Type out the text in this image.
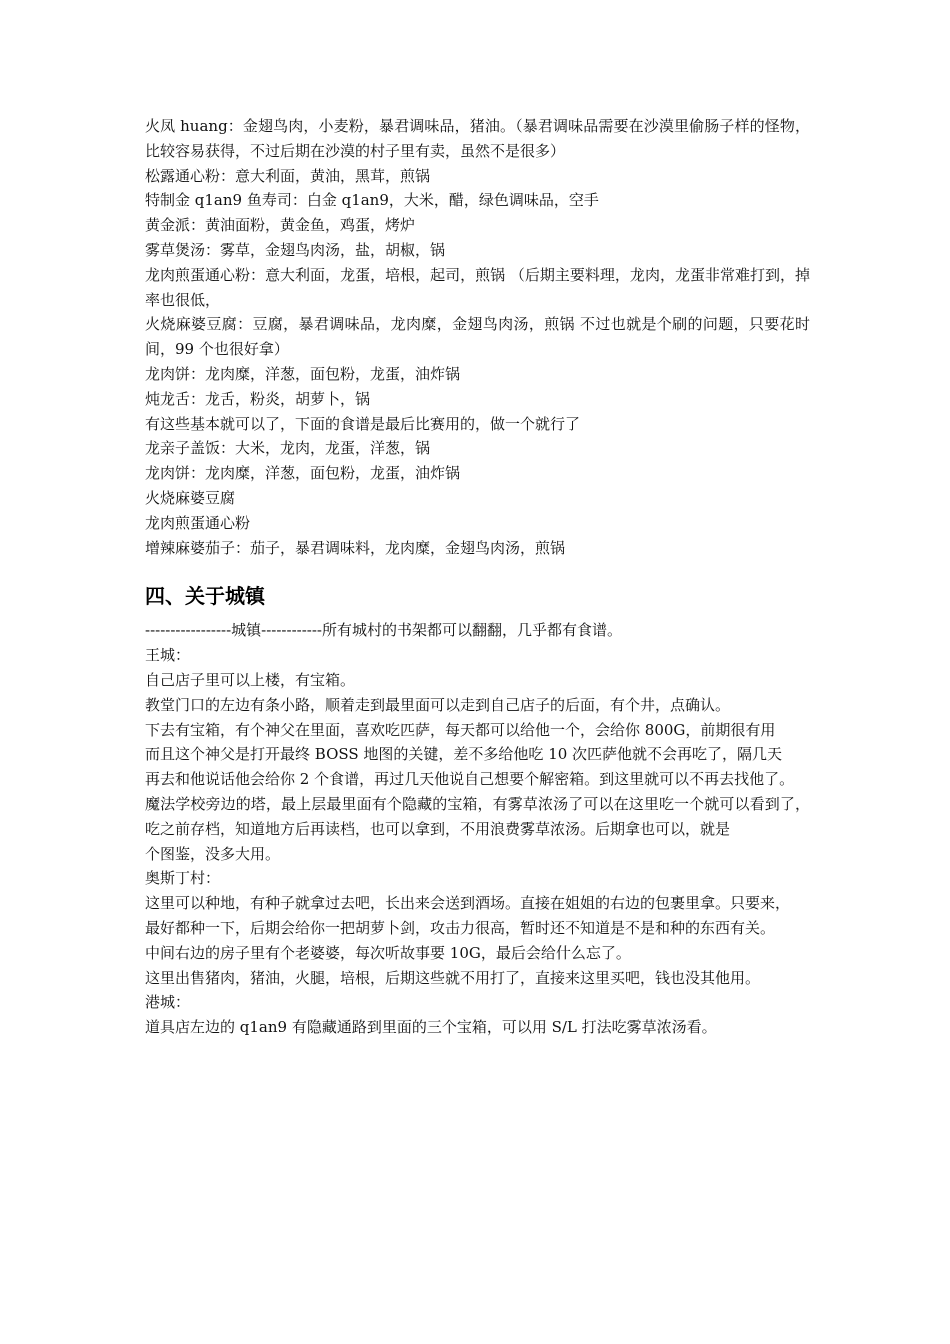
火凤 huang：金翅鸟肉，小麦粉，暴君调味品，猪油。（暴君调味品需要在沙漠里偷肠子样的怪物，比较容易获得，不过后期在沙漠的村子里有卖，虽然不是很多）

松露通心粉：意大利面，黄油，黑茸，煎锅

特制金 q1an9 鱼寿司：白金 q1an9，大米，醋，绿色调味品，空手

黄金派：黄油面粉，黄金鱼，鸡蛋，烤炉

雾草煲汤：雾草，金翅鸟肉汤，盐，胡椒，锅

龙肉煎蛋通心粉：意大利面，龙蛋，培根，起司，煎锅 （后期主要料理，龙肉，龙蛋非常难打到，掉率也很低，

火烧麻婆豆腐：豆腐，暴君调味品，龙肉糜，金翅鸟肉汤，煎锅 不过也就是个刷的问题，只要花时间，99 个也很好拿）

龙肉饼：龙肉糜，洋葱，面包粉，龙蛋，油炸锅

炖龙舌：龙舌，粉炎，胡萝卜，锅

有这些基本就可以了，下面的食谱是最后比赛用的，做一个就行了

龙亲子盖饭：大米，龙肉，龙蛋，洋葱，锅

龙肉饼：龙肉糜，洋葱，面包粉，龙蛋，油炸锅

火烧麻婆豆腐

龙肉煎蛋通心粉

增辣麻婆茄子：茄子，暴君调味料，龙肉糜，金翅鸟肉汤，煎锅

四、关于城镇

-----------------城镇------------所有城村的书架都可以翻翻，几乎都有食谱。

王城：

自己店子里可以上楼，有宝箱。

教堂门口的左边有条小路，顺着走到最里面可以走到自己店子的后面，有个井，点确认。

下去有宝箱，有个神父在里面，喜欢吃匹萨，每天都可以给他一个，会给你 800G，前期很有用

而且这个神父是打开最终 BOSS 地图的关键，差不多给他吃 10 次匹萨他就不会再吃了，隔几天

再去和他说话他会给你 2 个食谱，再过几天他说自己想要个解密箱。到这里就可以不再去找他了。

魔法学校旁边的塔，最上层最里面有个隐藏的宝箱，有雾草浓汤了可以在这里吃一个就可以看到了，吃之前存档，知道地方后再读档，也可以拿到，不用浪费雾草浓汤。后期拿也可以，就是

个图鉴，没多大用。

奥斯丁村：

这里可以种地，有种子就拿过去吧，长出来会送到酒场。直接在姐姐的右边的包裹里拿。只要来，

最好都种一下，后期会给你一把胡萝卜剑，攻击力很高，暂时还不知道是不是和种的东西有关。

中间右边的房子里有个老婆婆，每次听故事要 10G，最后会给什么忘了。

这里出售猪肉，猪油，火腿，培根，后期这些就不用打了，直接来这里买吧，钱也没其他用。

港城：

道具店左边的 q1an9 有隐藏通路到里面的三个宝箱，可以用 S/L 打法吃雾草浓汤看。
